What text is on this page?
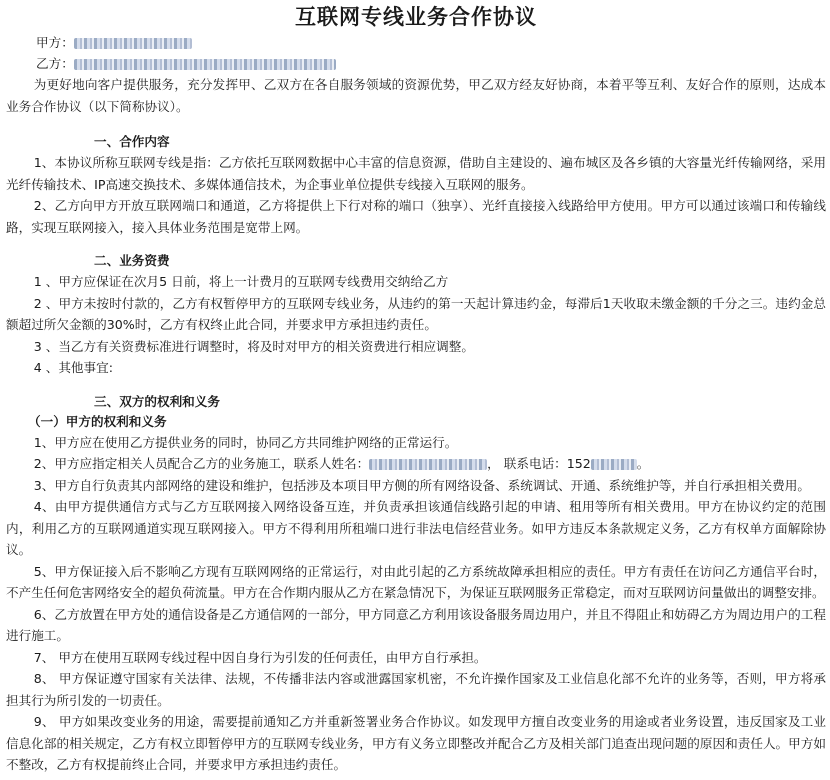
互联网专线业务合作协议
甲方：
乙方：
为更好地向客户提供服务，充分发挥甲、乙双方在各自服务领域的资源优势，甲乙双方经友好协商，本着平等互利、友好合作的原则，达成本业务合作协议（以下简称协议）。
一、合作内容
1、本协议所称互联网专线是指：乙方依托互联网数据中心丰富的信息资源，借助自主建设的、遍布城区及各乡镇的大容量光纤传输网络，采用光纤传输技术、IP高速交换技术、多媒体通信技术，为企事业单位提供专线接入互联网的服务。
2、乙方向甲方开放互联网端口和通道，乙方将提供上下行对称的端口（独享）、光纤直接接入线路给甲方使用。甲方可以通过该端口和传输线路，实现互联网接入，接入具体业务范围是宽带上网。
二、业务资费
1 、甲方应保证在次月5 日前，将上一计费月的互联网专线费用交纳给乙方
2 、甲方未按时付款的，乙方有权暂停甲方的互联网专线业务，从违约的第一天起计算违约金，每滞后1天收取未缴金额的千分之三。违约金总额超过所欠金额的30%时，乙方有权终止此合同，并要求甲方承担违约责任。
3 、当乙方有关资费标准进行调整时，将及时对甲方的相关资费进行相应调整。
4 、其他事宜:
三、双方的权利和义务
（一）甲方的权利和义务
1、甲方应在使用乙方提供业务的同时，协同乙方共同维护网络的正常运行。
2、甲方应指定相关人员配合乙方的业务施工，联系人姓名：	， 联系电话：152	。
3、甲方自行负责其内部网络的建设和维护，包括涉及本项目甲方侧的所有网络设备、系统调试、开通、系统维护等，并自行承担相关费用。
4、由甲方提供通信方式与乙方互联网接入网络设备互连，并负责承担该通信线路引起的申请、租用等所有相关费用。甲方在协议约定的范围内，利用乙方的互联网通道实现互联网接入。甲方不得利用所租端口进行非法电信经营业务。如甲方违反本条款规定义务，乙方有权单方面解除协议。
5、甲方保证接入后不影响乙方现有互联网网络的正常运行，对由此引起的乙方系统故障承担相应的责任。甲方有责任在访问乙方通信平台时，不产生任何危害网络安全的超负荷流量。甲方在合作期内服从乙方在紧急情况下，为保证互联网服务正常稳定，而对互联网访问量做出的调整安排。
6、乙方放置在甲方处的通信设备是乙方通信网的一部分，甲方同意乙方利用该设备服务周边用户，并且不得阻止和妨碍乙方为周边用户的工程进行施工。
7、 甲方在使用互联网专线过程中因自身行为引发的任何责任，由甲方自行承担。
8、 甲方保证遵守国家有关法律、法规，不传播非法内容或泄露国家机密，不允许操作国家及工业信息化部不允许的业务等，否则，甲方将承担其行为所引发的一切责任。
9、 甲方如果改变业务的用途，需要提前通知乙方并重新签署业务合作协议。如发现甲方擅自改变业务的用途或者业务设置，违反国家及工业信息化部的相关规定，乙方有权立即暂停甲方的互联网专线业务，甲方有义务立即整改并配合乙方及相关部门追查出现问题的原因和责任人。甲方如不整改，乙方有权提前终止合同，并要求甲方承担违约责任。
